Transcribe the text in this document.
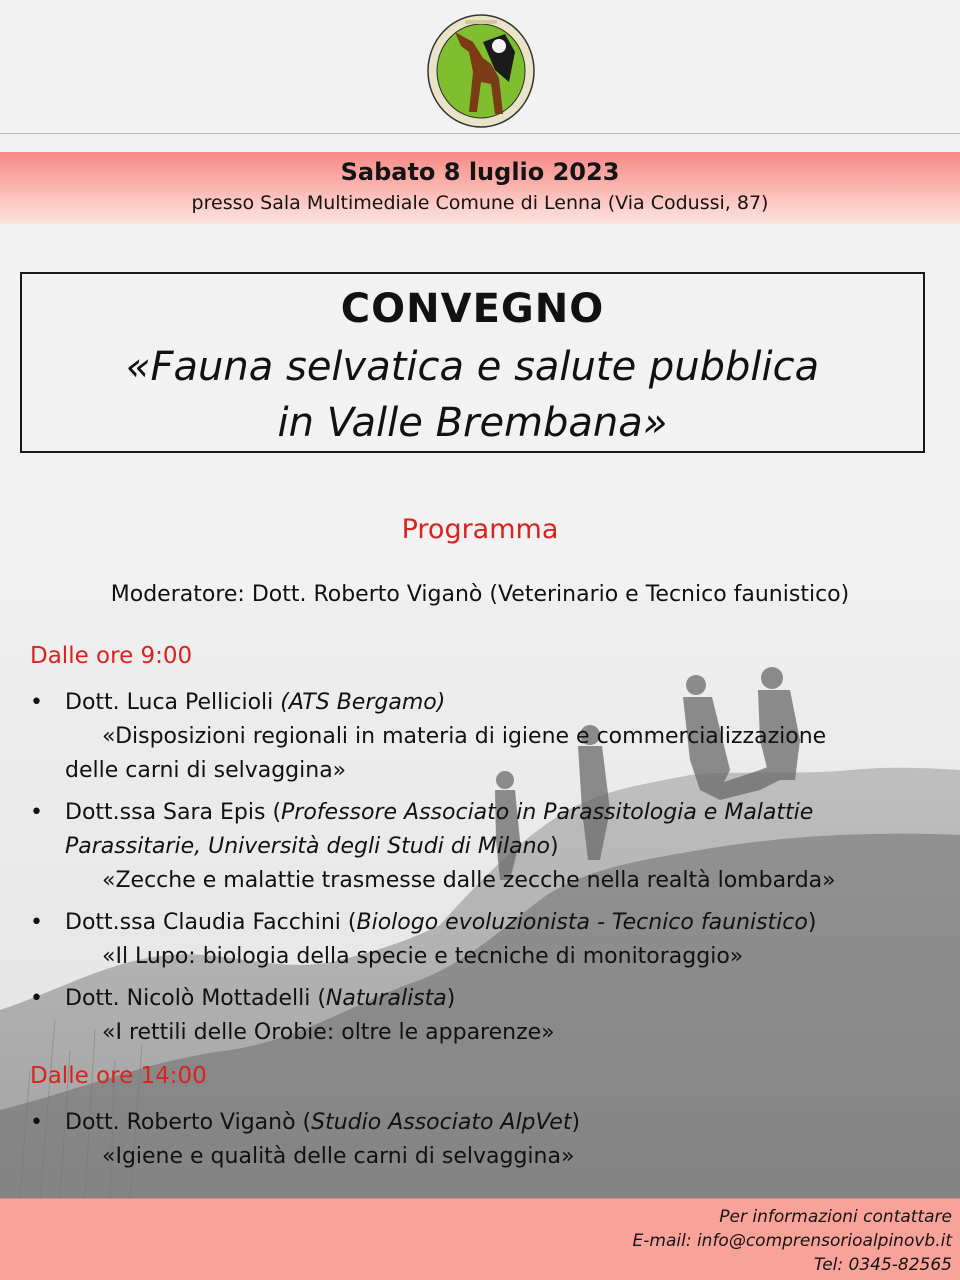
Sabato 8 luglio 2023
presso Sala Multimediale Comune di Lenna (Via Codussi, 87)
CONVEGNO
«Fauna selvatica e salute pubblica
in Valle Brembana»
Programma
Moderatore: Dott. Roberto Viganò (Veterinario e Tecnico faunistico)
Dalle ore 9:00
• Dott. Luca Pellicioli (ATS Bergamo)
«Disposizioni regionali in materia di igiene e commercializzazione
delle carni di selvaggina»
• Dott.ssa Sara Epis (Professore Associato in Parassitologia e Malattie
Parassitarie, Università degli Studi di Milano)
«Zecche e malattie trasmesse dalle zecche nella realtà lombarda»
• Dott.ssa Claudia Facchini (Biologo evoluzionista - Tecnico faunistico)
«Il Lupo: biologia della specie e tecniche di monitoraggio»
• Dott. Nicolò Mottadelli (Naturalista)
«I rettili delle Orobie: oltre le apparenze»
Dalle ore 14:00
• Dott. Roberto Viganò (Studio Associato AlpVet)
«Igiene e qualità delle carni di selvaggina»
Per informazioni contattare
E-mail: info@comprensorioalpinovb.it
Tel: 0345-82565
